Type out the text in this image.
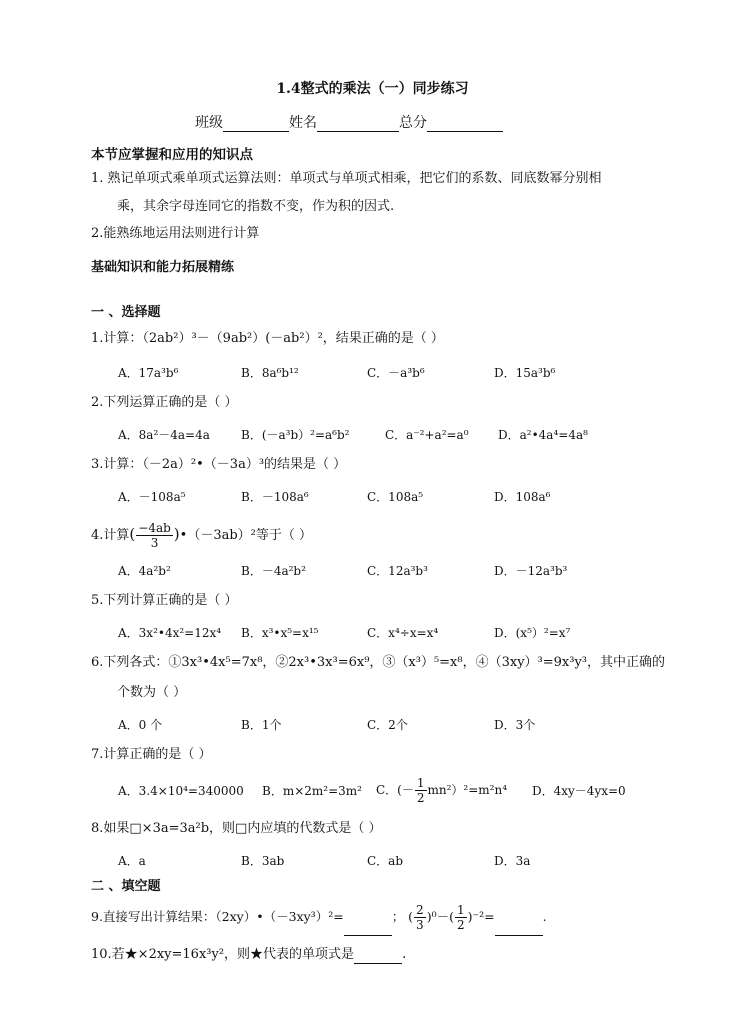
1.4整式的乘法（一）同步练习
班级	姓名	总分
本节应掌握和应用的知识点
1. 熟记单项式乘单项式运算法则：单项式与单项式相乘，把它们的系数、同底数幂分别相
乘，其余字母连同它的指数不变，作为积的因式.
2.能熟练地运用法则进行计算
基础知识和能力拓展精练
一 、选择题
1.计算：（2ab²）³－（9ab²）(－ab²）²，结果正确的是（ ）
A．17a³b⁶	B．8a⁶b¹²	C．－a³b⁶	D．15a³b⁶
2.下列运算正确的是（ ）
A．8a²－4a=4a	B．(－a³b）²=a⁶b²	C．a⁻²+a²=a⁰ D．a²•4a⁴=4a⁸
3.计算：（－2a）²•（－3a）³的结果是（ ）
A．－108a⁵	B．－108a⁶	C．108a⁵	D．108a⁶
4.计算( $\frac{-4ab}{3}$ )•（－3ab）²等于（ ）
A．4a²b²	B．－4a²b²	C．12a³b³	D．－12a³b³
5.下列计算正确的是（ ）
A．3x²•4x²=12x⁴ B．x³•x⁵=x¹⁵	C．x⁴÷x=x⁴	D．(x⁵）²=x⁷
6.下列各式：①3x³•4x⁵=7x⁸，②2x³•3x³=6x⁹，③（x³）⁵=x⁸，④（3xy）³=9x³y³，其中正确的
个数为（ ）
A．0 个	B．1个	C．2个	D．3个
7.计算正确的是（ ）
A．3.4×10⁴=340000 B．m×2m²=3m² C．(－ $\frac{1}{2} mn^2)^2=m^2n^4$ D．4xy－4yx=0
8.如果□×3a=3a²b，则□内应填的代数式是（ ）
A．a	B．3ab	C．ab	D．3a
二 、填空题
9.直接写出计算结果：（2xy）•（－3xy³）²=	； ( $\frac{2}{3} )^0-( \frac{1}{2} )^{-2}=$	.
10.若★×2xy=16x³y²，则★代表的单项式是	.
